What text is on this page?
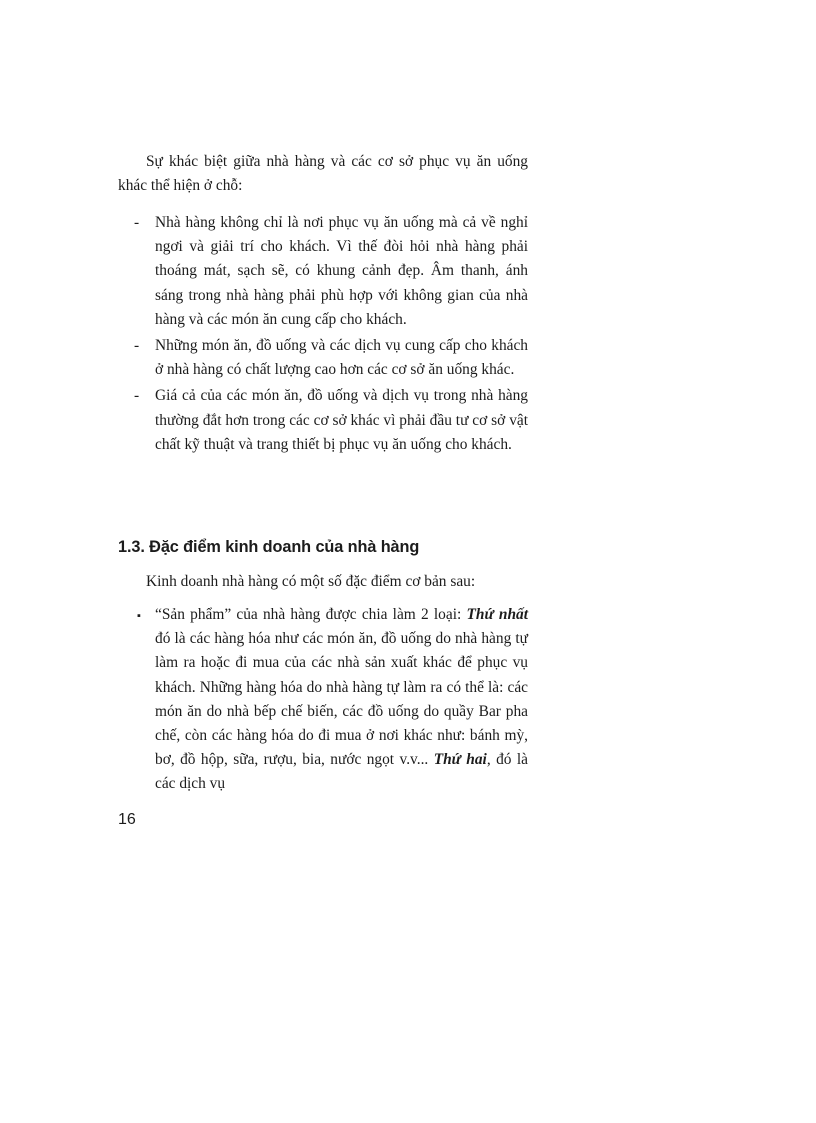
Sự khác biệt giữa nhà hàng và các cơ sở phục vụ ăn uống khác thể hiện ở chỗ:

- Nhà hàng không chỉ là nơi phục vụ ăn uống mà cả về nghỉ ngơi và giải trí cho khách. Vì thế đòi hỏi nhà hàng phải thoáng mát, sạch sẽ, có khung cảnh đẹp. Âm thanh, ánh sáng trong nhà hàng phải phù hợp với không gian của nhà hàng và các món ăn cung cấp cho khách.
- Những món ăn, đồ uống và các dịch vụ cung cấp cho khách ở nhà hàng có chất lượng cao hơn các cơ sở ăn uống khác.
- Giá cả của các món ăn, đồ uống và dịch vụ trong nhà hàng thường đắt hơn trong các cơ sở khác vì phải đầu tư cơ sở vật chất kỹ thuật và trang thiết bị phục vụ ăn uống cho khách.
1.3. Đặc điểm kinh doanh của nhà hàng

Kinh doanh nhà hàng có một số đặc điểm cơ bản sau:

▪ “Sản phẩm” của nhà hàng được chia làm 2 loại: Thứ nhất đó là các hàng hóa như các món ăn, đồ uống do nhà hàng tự làm ra hoặc đi mua của các nhà sản xuất khác để phục vụ khách. Những hàng hóa do nhà hàng tự làm ra có thể là: các món ăn do nhà bếp chế biến, các đồ uống do quầy Bar pha chế, còn các hàng hóa do đi mua ở nơi khác như: bánh mỳ, bơ, đồ hộp, sữa, rượu, bia, nước ngọt v.v... Thứ hai, đó là các dịch vụ
16
